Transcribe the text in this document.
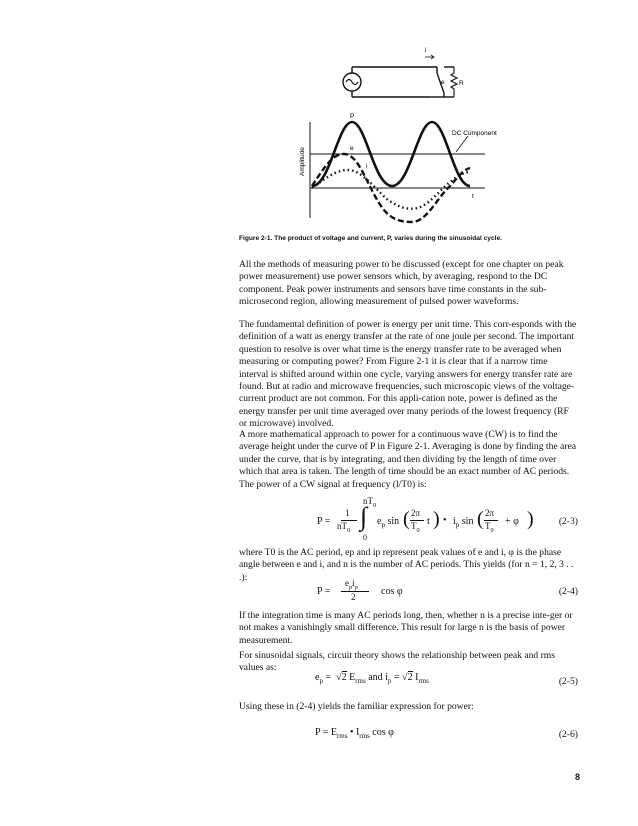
i
e R
P
e
i
DC Component
t
Amplitude
Figure 2-1. The product of voltage and current, P, varies during the sinusoidal cycle.
All the methods of measuring power to be discussed (except for one chapter on peak power measurement) use power sensors which, by averaging, respond to the DC component. Peak power instruments and sensors have time constants in the sub-microsecond region, allowing measurement of pulsed power waveforms.
The fundamental definition of power is energy per unit time. This corr-esponds with the definition of a watt as energy transfer at the rate of one joule per second. The important question to resolve is over what time is the energy transfer rate to be averaged when measuring or computing power? From Figure 2-1 it is clear that if a narrow time interval is shifted around within one cycle, varying answers for energy transfer rate are found. But at radio and microwave frequencies, such microscopic views of the voltage-current product are not common. For this appli-cation note, power is defined as the energy transfer per unit time averaged over many periods of the lowest frequency (RF or microwave) involved.
A more mathematical approach to power for a continuous wave (CW) is to find the average height under the curve of P in Figure 2-1. Averaging is done by finding the area under the curve, that is by integrating, and then dividing by the length of time over which that area is taken. The length of time should be an exact number of AC periods. The power of a CW signal at frequency (l/T0) is:
P =
1
$nT_0$ ∫
$nT_0$
0
$e_p$ sin ( 2π
$T_0$
t ) • $i_p$ sin ( 2π
$T_0$
+ φ )	(2-3)
where T0 is the AC period, ep and ip represent peak values of e and i, φ is the phase angle between e and i, and n is the number of AC periods. This yields (for n = 1, 2, 3 . . .):
P =
$e_pi_p$
2	cos φ	(2-4)
If the integration time is many AC periods long, then, whether n is a precise inte-ger or not makes a vanishingly small difference. This result for large n is the basis of power measurement.
For sinusoidal signals, circuit theory shows the relationship between peak and rms values as:
$e_p = √2$ $E_{rms}$ and $i_p = √2$ $I_{rms}$	(2-5)
Using these in (2-4) yields the familiar expression for power:
$P = E_{rms}$ • $I_{rms}$ cos φ	(2-6)
8
